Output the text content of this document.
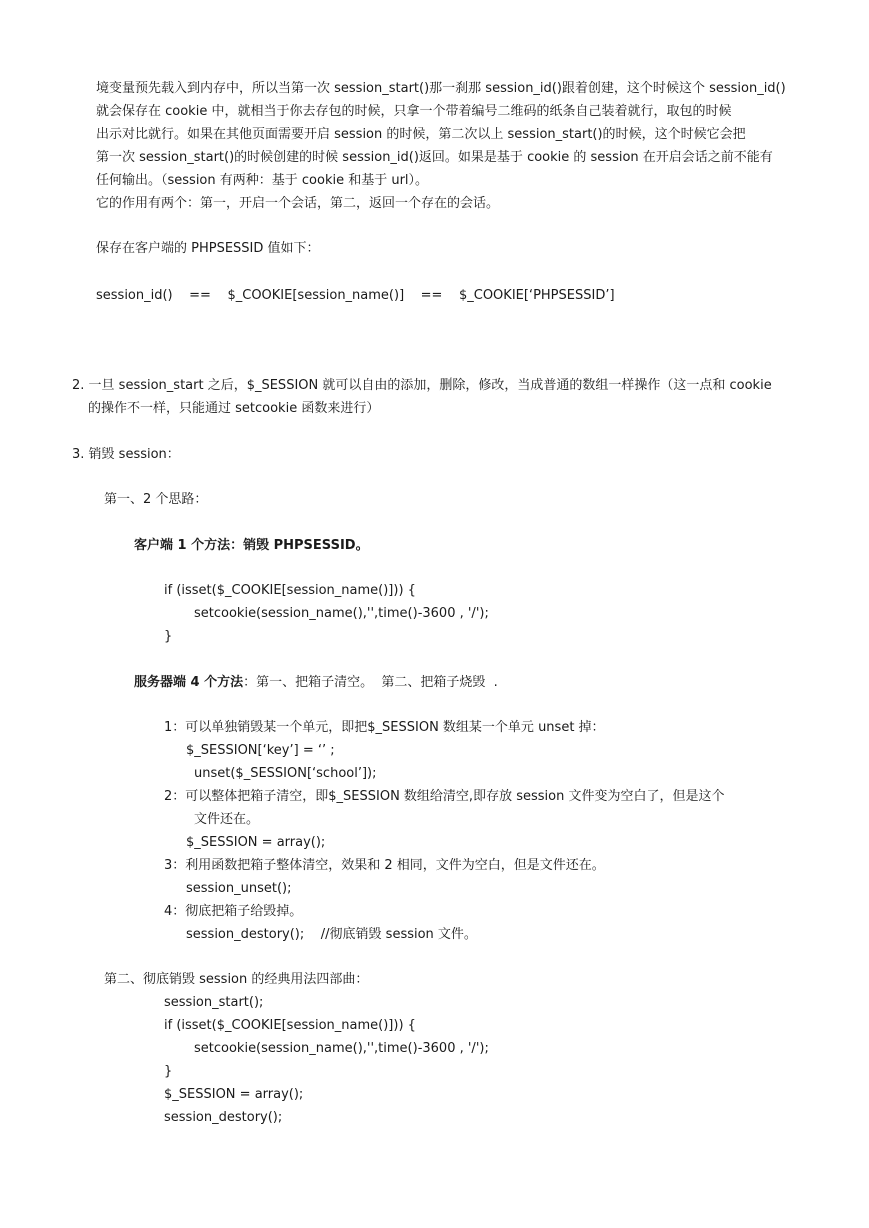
境变量预先载入到内存中，所以当第一次 session_start()那一刹那 session_id()跟着创建，这个时候这个 session_id()
就会保存在 cookie 中，就相当于你去存包的时候，只拿一个带着编号二维码的纸条自己装着就行，取包的时候
出示对比就行。如果在其他页面需要开启 session 的时候，第二次以上 session_start()的时候，这个时候它会把
第一次 session_start()的时候创建的时候 session_id()返回。如果是基于 cookie 的 session 在开启会话之前不能有
任何输出。（session 有两种：基于 cookie 和基于 url）。
它的作用有两个：第一，开启一个会话，第二，返回一个存在的会话。
保存在客户端的 PHPSESSID 值如下：
session_id()    ==    $_COOKIE[session_name()]    ==    $_COOKIE[‘PHPSESSID’]
2. 一旦 session_start 之后，$_SESSION 就可以自由的添加，删除，修改，当成普通的数组一样操作（这一点和 cookie
的操作不一样，只能通过 setcookie 函数来进行）
3. 销毁 session：
第一、2 个思路：
客户端 1 个方法：销毁 PHPSESSID。
if (isset($_COOKIE[session_name()])) {
setcookie(session_name(),'',time()-3600 , '/');
}
服务器端 4 个方法：第一、把箱子清空。  第二、把箱子烧毁  .
1：可以单独销毁某一个单元，即把$_SESSION 数组某一个单元 unset 掉：
$_SESSION[‘key’] = ‘’ ;
unset($_SESSION[‘school’]);
2：可以整体把箱子清空，即$_SESSION 数组给清空,即存放 session 文件变为空白了，但是这个
文件还在。
$_SESSION = array();
3：利用函数把箱子整体清空，效果和 2 相同，文件为空白，但是文件还在。
session_unset();
4：彻底把箱子给毁掉。
session_destory();    //彻底销毁 session 文件。
第二、彻底销毁 session 的经典用法四部曲：
session_start();
if (isset($_COOKIE[session_name()])) {
setcookie(session_name(),'',time()-3600 , '/');
}
$_SESSION = array();
session_destory();
